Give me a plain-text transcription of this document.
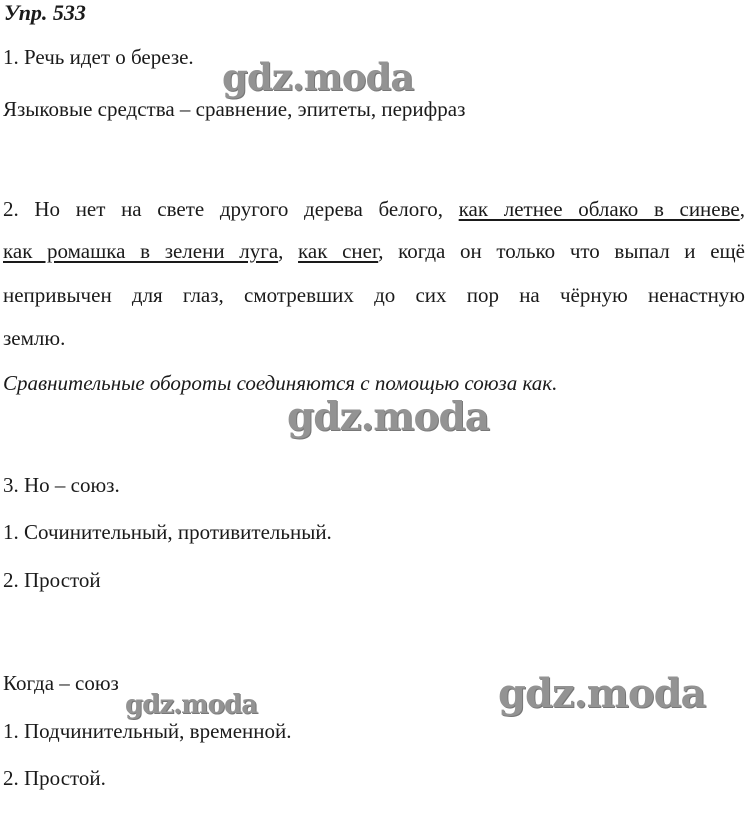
Упр. 533
1. Речь идет о березе.
Языковые средства – сравнение, эпитеты, перифраз
2. Но нет на свете другого дерева белого, как летнее облако в синеве,
как ромашка в зелени луга, как снег, когда он только что выпал и ещё
непривычен для глаз, смотревших до сих пор на чёрную ненастную
землю.
Сравнительные обороты соединяются с помощью союза как.
3. Но – союз.
1. Сочинительный, противительный.
2. Простой
Когда – союз
1. Подчинительный, временной.
2. Простой.
gdz.moda
gdz.moda
gdz.moda
gdz.moda
